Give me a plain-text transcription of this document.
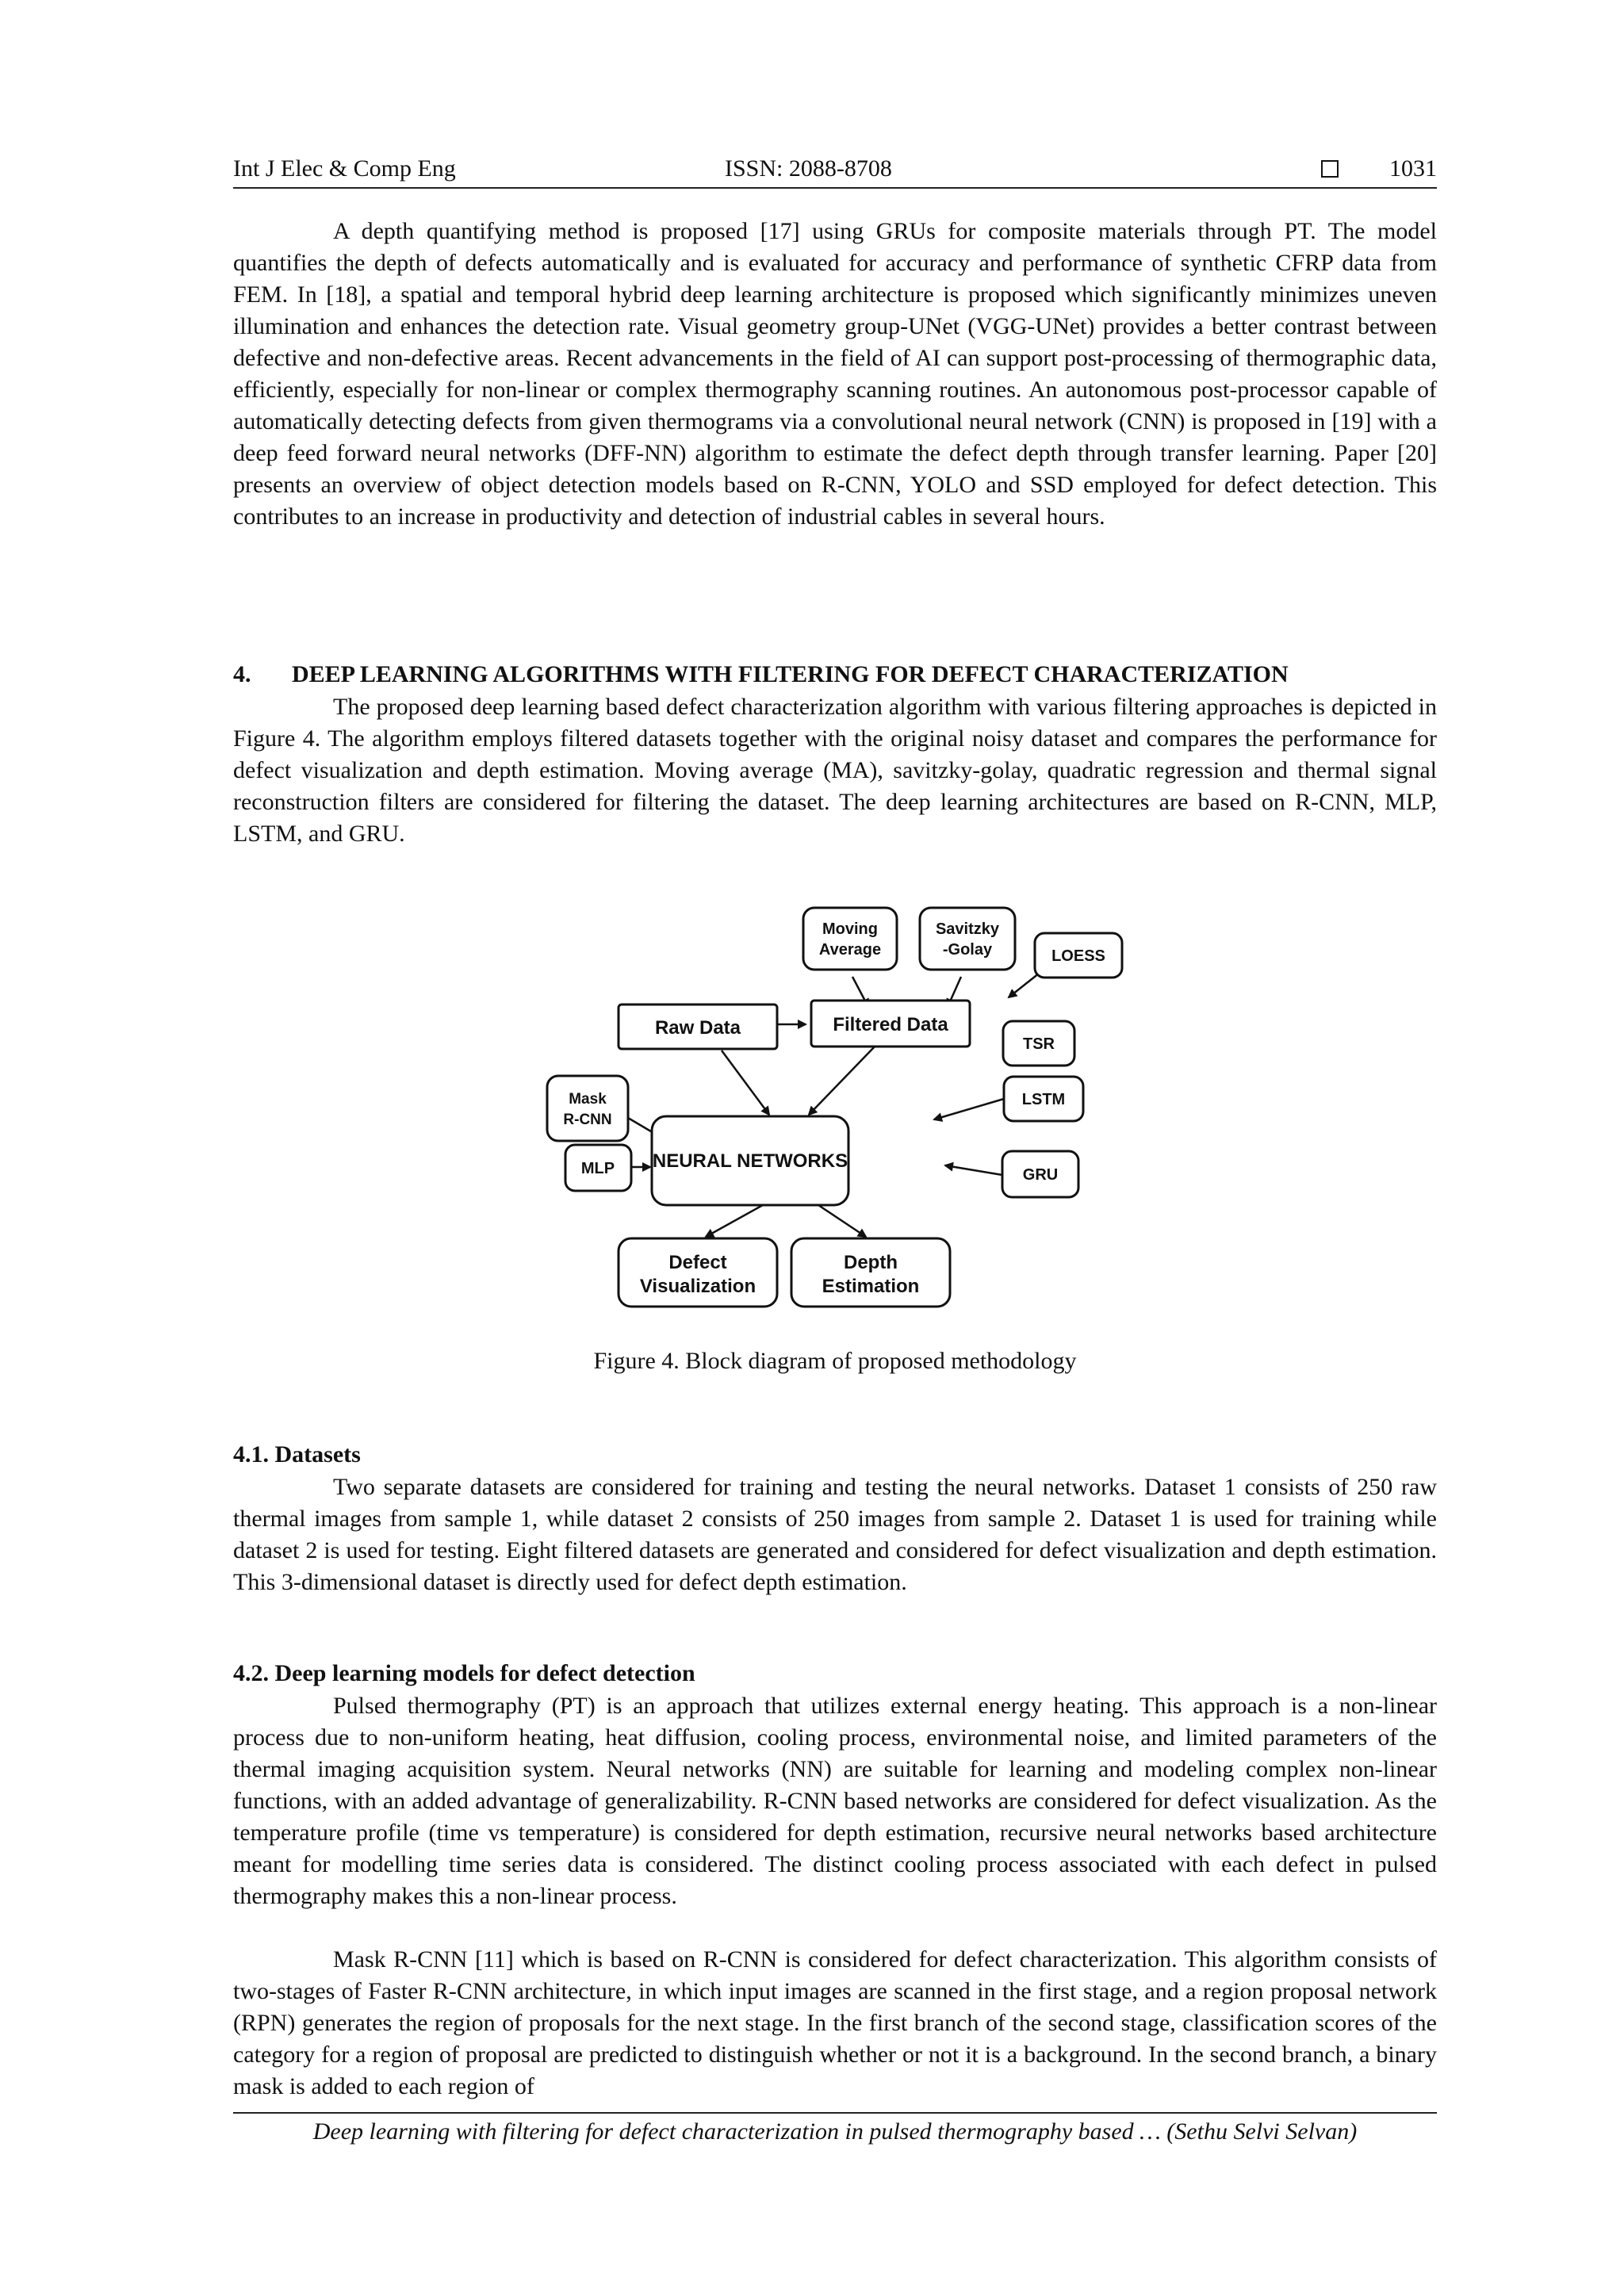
Int J Elec & Comp Eng	ISSN: 2088-8708	1031

A depth quantifying method is proposed [17] using GRUs for composite materials through PT. The model quantifies the depth of defects automatically and is evaluated for accuracy and performance of synthetic CFRP data from FEM. In [18], a spatial and temporal hybrid deep learning architecture is proposed which significantly minimizes uneven illumination and enhances the detection rate. Visual geometry group-UNet (VGG-UNet) provides a better contrast between defective and non-defective areas. Recent advancements in the field of AI can support post-processing of thermographic data, efficiently, especially for non-linear or complex thermography scanning routines. An autonomous post-processor capable of automatically detecting defects from given thermograms via a convolutional neural network (CNN) is proposed in [19] with a deep feed forward neural networks (DFF-NN) algorithm to estimate the defect depth through transfer learning. Paper [20] presents an overview of object detection models based on R-CNN, YOLO and SSD employed for defect detection. This contributes to an increase in productivity and detection of industrial cables in several hours.

4. DEEP LEARNING ALGORITHMS WITH FILTERING FOR DEFECT CHARACTERIZATION

The proposed deep learning based defect characterization algorithm with various filtering approaches is depicted in Figure 4. The algorithm employs filtered datasets together with the original noisy dataset and compares the performance for defect visualization and depth estimation. Moving average (MA), savitzky-golay, quadratic regression and thermal signal reconstruction filters are considered for filtering the dataset. The deep learning architectures are based on R-CNN, MLP, LSTM, and GRU.

Moving
Average
Savitzky
-Golay	LOESS
Raw Data	Filtered Data
TSR
Mask
R-CNN
LSTM
NEURAL NETWORKS
MLP	GRU
Defect
Visualization
Depth
Estimation
Figure 4. Block diagram of proposed methodology
4.1. Datasets

Two separate datasets are considered for training and testing the neural networks. Dataset 1 consists of 250 raw thermal images from sample 1, while dataset 2 consists of 250 images from sample 2. Dataset 1 is used for training while dataset 2 is used for testing. Eight filtered datasets are generated and considered for defect visualization and depth estimation. This 3-dimensional dataset is directly used for defect depth estimation.

4.2. Deep learning models for defect detection

Pulsed thermography (PT) is an approach that utilizes external energy heating. This approach is a non-linear process due to non-uniform heating, heat diffusion, cooling process, environmental noise, and limited parameters of the thermal imaging acquisition system. Neural networks (NN) are suitable for learning and modeling complex non-linear functions, with an added advantage of generalizability. R-CNN based networks are considered for defect visualization. As the temperature profile (time vs temperature) is considered for depth estimation, recursive neural networks based architecture meant for modelling time series data is considered. The distinct cooling process associated with each defect in pulsed thermography makes this a non-linear process.

Mask R-CNN [11] which is based on R-CNN is considered for defect characterization. This algorithm consists of two-stages of Faster R-CNN architecture, in which input images are scanned in the first stage, and a region proposal network (RPN) generates the region of proposals for the next stage. In the first branch of the second stage, classification scores of the category for a region of proposal are predicted to distinguish whether or not it is a background. In the second branch, a binary mask is added to each region of

Deep learning with filtering for defect characterization in pulsed thermography based … (Sethu Selvi Selvan)
